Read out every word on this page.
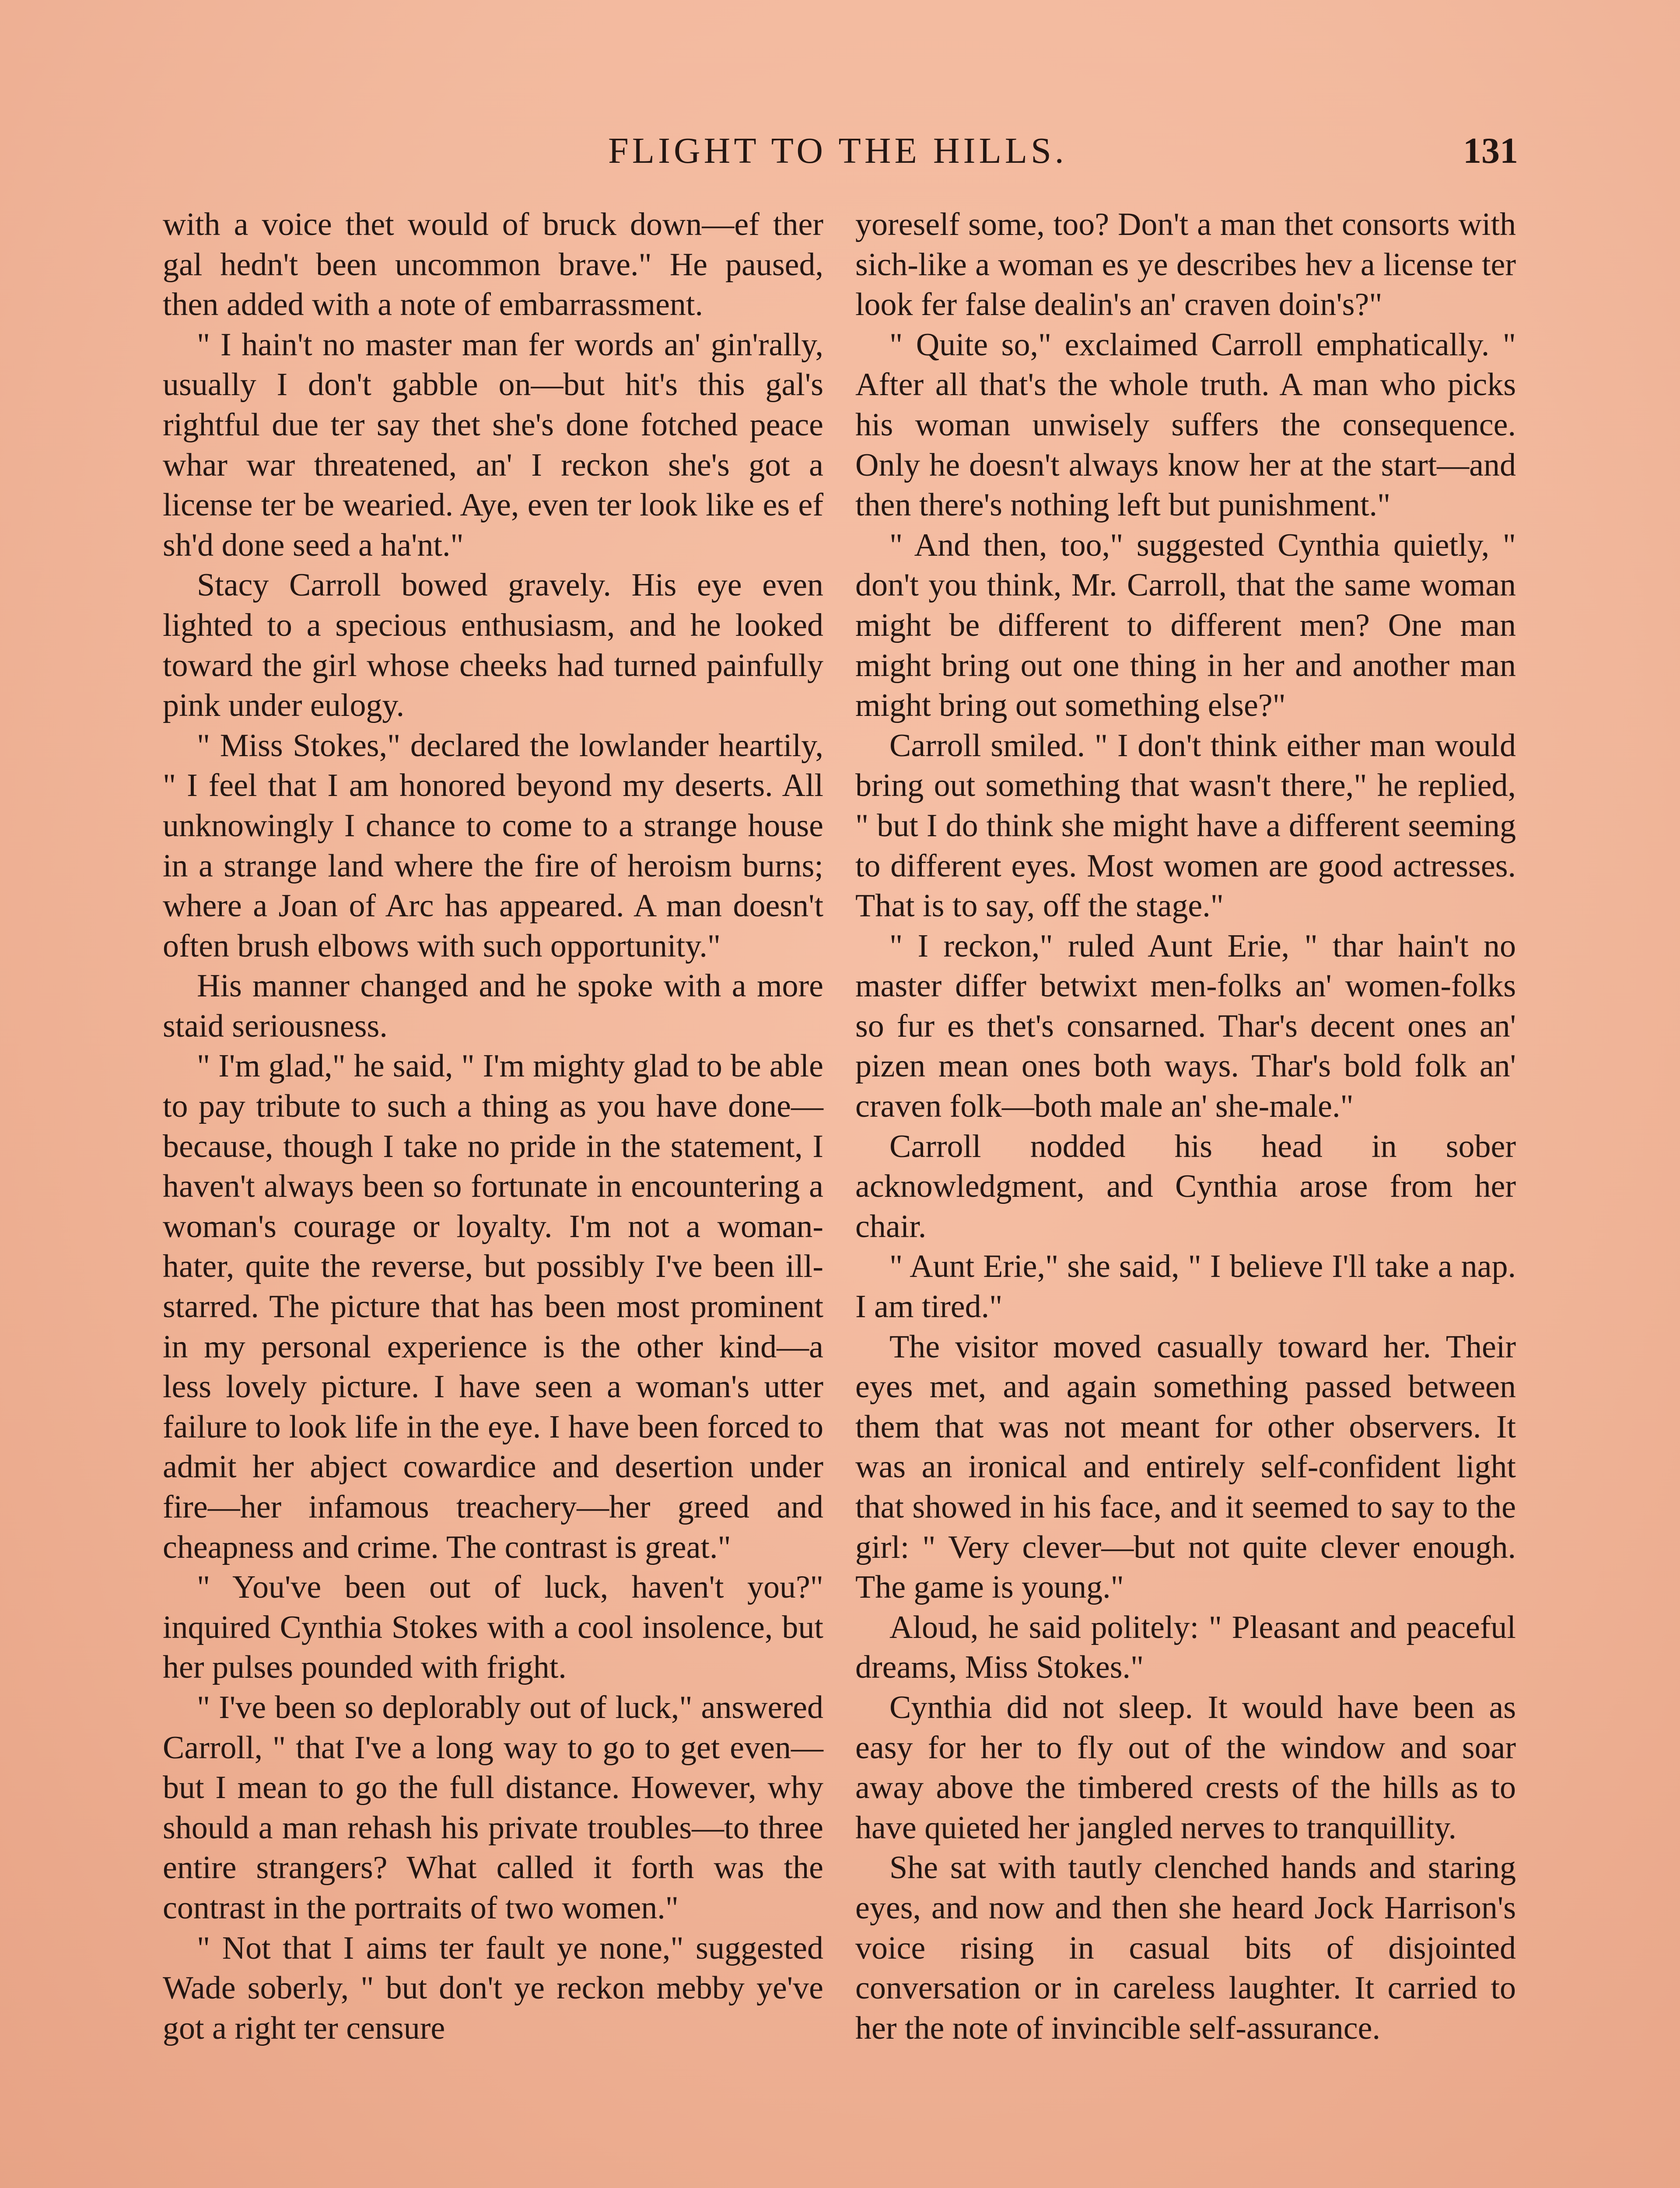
FLIGHT TO THE HILLS.	131

with a voice thet would of bruck down—ef ther gal hedn't been uncommon brave." He paused, then added with a note of embarrassment.

" I hain't no master man fer words an' gin'rally, usually I don't gabble on—but hit's this gal's rightful due ter say thet she's done fotched peace whar war threatened, an' I reckon she's got a license ter be wearied. Aye, even ter look like es ef sh'd done seed a ha'nt."

Stacy Carroll bowed gravely. His eye even lighted to a specious enthusiasm, and he looked toward the girl whose cheeks had turned painfully pink under eulogy.

" Miss Stokes," declared the lowlander heartily, " I feel that I am honored beyond my deserts. All unknowingly I chance to come to a strange house in a strange land where the fire of heroism burns; where a Joan of Arc has appeared. A man doesn't often brush elbows with such opportunity."

His manner changed and he spoke with a more staid seriousness.

" I'm glad," he said, " I'm mighty glad to be able to pay tribute to such a thing as you have done—because, though I take no pride in the statement, I haven't always been so fortunate in encountering a woman's courage or loyalty. I'm not a woman-hater, quite the reverse, but possibly I've been ill-starred. The picture that has been most prominent in my personal experience is the other kind—a less lovely picture. I have seen a woman's utter failure to look life in the eye. I have been forced to admit her abject cowardice and desertion under fire—her infamous treachery—her greed and cheapness and crime. The contrast is great."

" You've been out of luck, haven't you?" inquired Cynthia Stokes with a cool insolence, but her pulses pounded with fright.

" I've been so deplorably out of luck," answered Carroll, " that I've a long way to go to get even—but I mean to go the full distance. However, why should a man rehash his private troubles—to three entire strangers? What called it forth was the contrast in the portraits of two women."

" Not that I aims ter fault ye none," suggested Wade soberly, " but don't ye reckon mebby ye've got a right ter censure

yoreself some, too? Don't a man thet consorts with sich-like a woman es ye describes hev a license ter look fer false dealin's an' craven doin's?"

" Quite so," exclaimed Carroll emphatically. " After all that's the whole truth. A man who picks his woman unwisely suffers the consequence. Only he doesn't always know her at the start—and then there's nothing left but punishment."

" And then, too," suggested Cynthia quietly, " don't you think, Mr. Carroll, that the same woman might be different to different men? One man might bring out one thing in her and another man might bring out something else?"

Carroll smiled. " I don't think either man would bring out something that wasn't there," he replied, " but I do think she might have a different seeming to different eyes. Most women are good actresses. That is to say, off the stage."

" I reckon," ruled Aunt Erie, " thar hain't no master differ betwixt men-folks an' women-folks so fur es thet's consarned. Thar's decent ones an' pizen mean ones both ways. Thar's bold folk an' craven folk—both male an' she-male."

Carroll nodded his head in sober acknowledgment, and Cynthia arose from her chair.

" Aunt Erie," she said, " I believe I'll take a nap. I am tired."

The visitor moved casually toward her. Their eyes met, and again something passed between them that was not meant for other observers. It was an ironical and entirely self-confident light that showed in his face, and it seemed to say to the girl: " Very clever—but not quite clever enough. The game is young."

Aloud, he said politely: " Pleasant and peaceful dreams, Miss Stokes."

Cynthia did not sleep. It would have been as easy for her to fly out of the window and soar away above the timbered crests of the hills as to have quieted her jangled nerves to tranquillity.

She sat with tautly clenched hands and staring eyes, and now and then she heard Jock Harrison's voice rising in casual bits of disjointed conversation or in careless laughter. It carried to her the note of invincible self-assurance.
